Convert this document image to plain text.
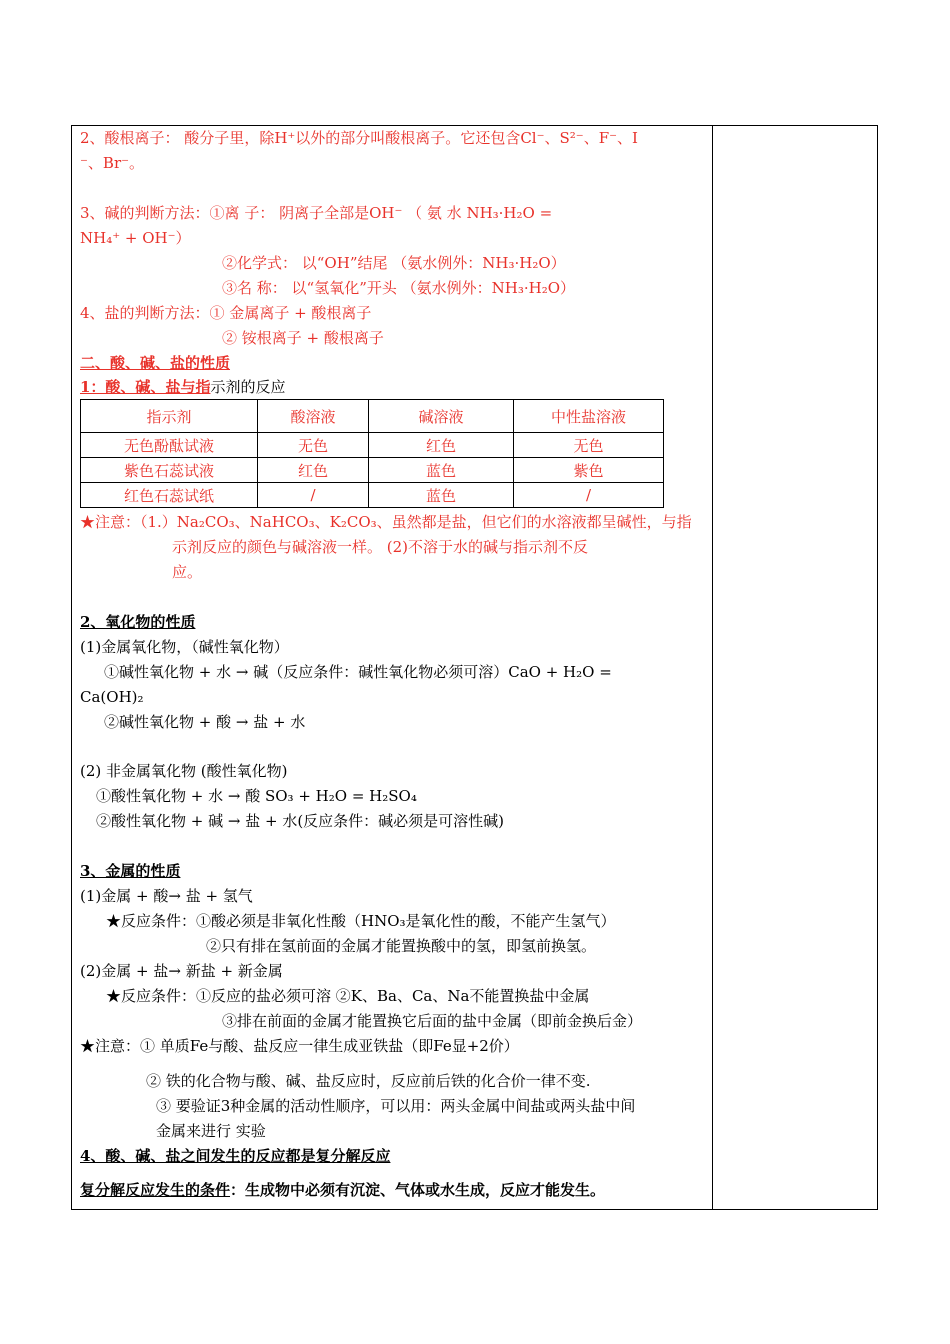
2、酸根离子： 酸分子里，除H⁺以外的部分叫酸根离子。它还包含Cl⁻、S²⁻、F⁻、I
⁻、Br⁻。
3、碱的判断方法：①离 子： 阴离子全部是OH⁻ （ 氨 水 NH₃·H₂O =
NH₄⁺ + OH⁻）
②化学式： 以“OH”结尾 （氨水例外：NH₃·H₂O）
③名 称： 以“氢氧化”开头 （氨水例外：NH₃·H₂O）
4、盐的判断方法：① 金属离子 + 酸根离子
② 铵根离子 + 酸根离子
二、酸、碱、盐的性质
1：酸、碱、盐与指示剂的反应
指示剂	酸溶液	碱溶液	中性盐溶液
无色酚酞试液	无色	红色	无色
紫色石蕊试液	红色	蓝色	紫色
红色石蕊试纸	/	蓝色	/
★注意：（1.）Na₂CO₃、NaHCO₃、K₂CO₃、虽然都是盐，但它们的水溶液都呈碱性，与指
示剂反应的颜色与碱溶液一样。 (2)不溶于水的碱与指示剂不反
应。
2、氧化物的性质
(1)金属氧化物，（碱性氧化物）
①碱性氧化物 + 水 → 碱（反应条件：碱性氧化物必须可溶）CaO + H₂O =
Ca(OH)₂
②碱性氧化物 + 酸 → 盐 + 水
(2) 非金属氧化物 (酸性氧化物)
①酸性氧化物 + 水 → 酸 SO₃ + H₂O = H₂SO₄
②酸性氧化物 + 碱 → 盐 + 水(反应条件：碱必须是可溶性碱)
3、金属的性质
(1)金属 + 酸→ 盐 + 氢气
★反应条件：①酸必须是非氧化性酸（HNO₃是氧化性的酸，不能产生氢气）
②只有排在氢前面的金属才能置换酸中的氢，即氢前换氢。
(2)金属 + 盐→ 新盐 + 新金属
★反应条件：①反应的盐必须可溶 ②K、Ba、Ca、Na不能置换盐中金属
③排在前面的金属才能置换它后面的盐中金属（即前金换后金）
★注意：① 单质Fe与酸、盐反应一律生成亚铁盐（即Fe显+2价）
② 铁的化合物与酸、碱、盐反应时，反应前后铁的化合价一律不变.
③ 要验证3种金属的活动性顺序，可以用：两头金属中间盐或两头盐中间
金属来进行 实验
4、酸、碱、盐之间发生的反应都是复分解反应
复分解反应发生的条件：生成物中必须有沉淀、气体或水生成，反应才能发生。
